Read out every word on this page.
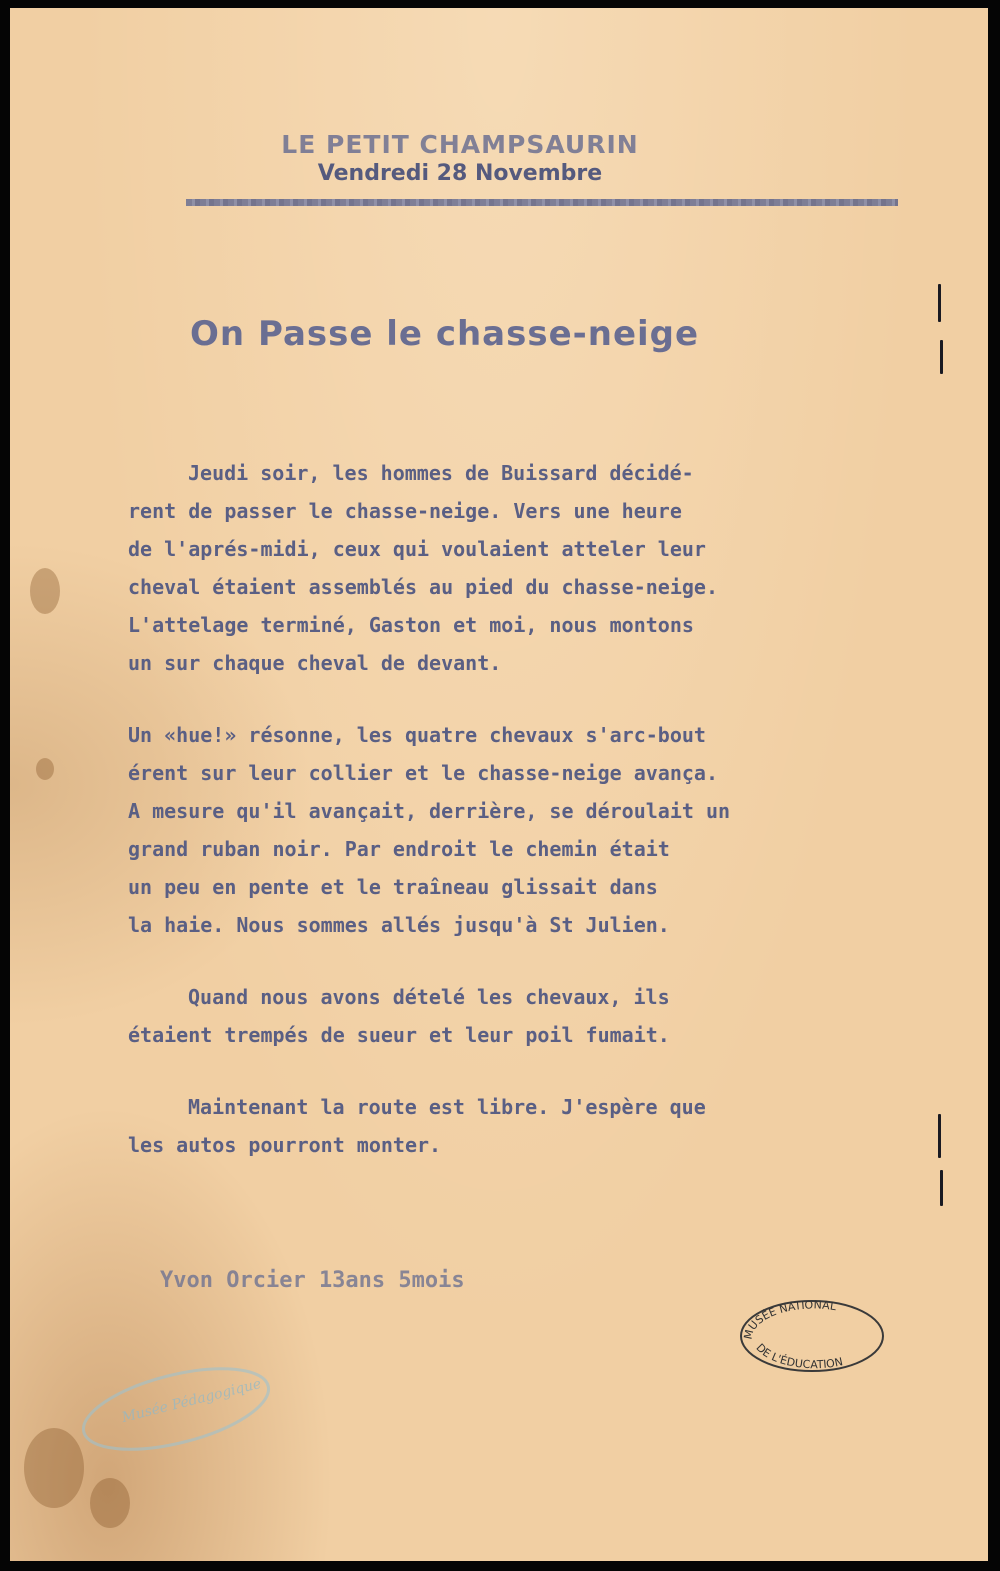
LE PETIT CHAMPSAURIN
Vendredi 28 Novembre
On Passe le chasse-neige
Jeudi soir, les hommes de Buissard décidé-
rent de passer le chasse-neige. Vers une heure
de l'aprés-midi, ceux qui voulaient atteler leur
cheval étaient assemblés au pied du chasse-neige.
L'attelage terminé, Gaston et moi, nous montons
un sur chaque cheval de devant.
Un «hue!» résonne, les quatre chevaux s'arc-bout
érent sur leur collier et le chasse-neige avança.
A mesure qu'il avançait, derrière, se déroulait un
grand ruban noir. Par endroit le chemin était
un peu en pente et le traîneau glissait dans
la haie. Nous sommes allés jusqu'à St Julien.
Quand nous avons dételé les chevaux, ils
étaient trempés de sueur et leur poil fumait.
Maintenant la route est libre. J'espère que
les autos pourront monter.
Yvon Orcier 13ans 5mois
MUSÉE NATIONAL
DE L'ÉDUCATION
Musée Pédagogique
